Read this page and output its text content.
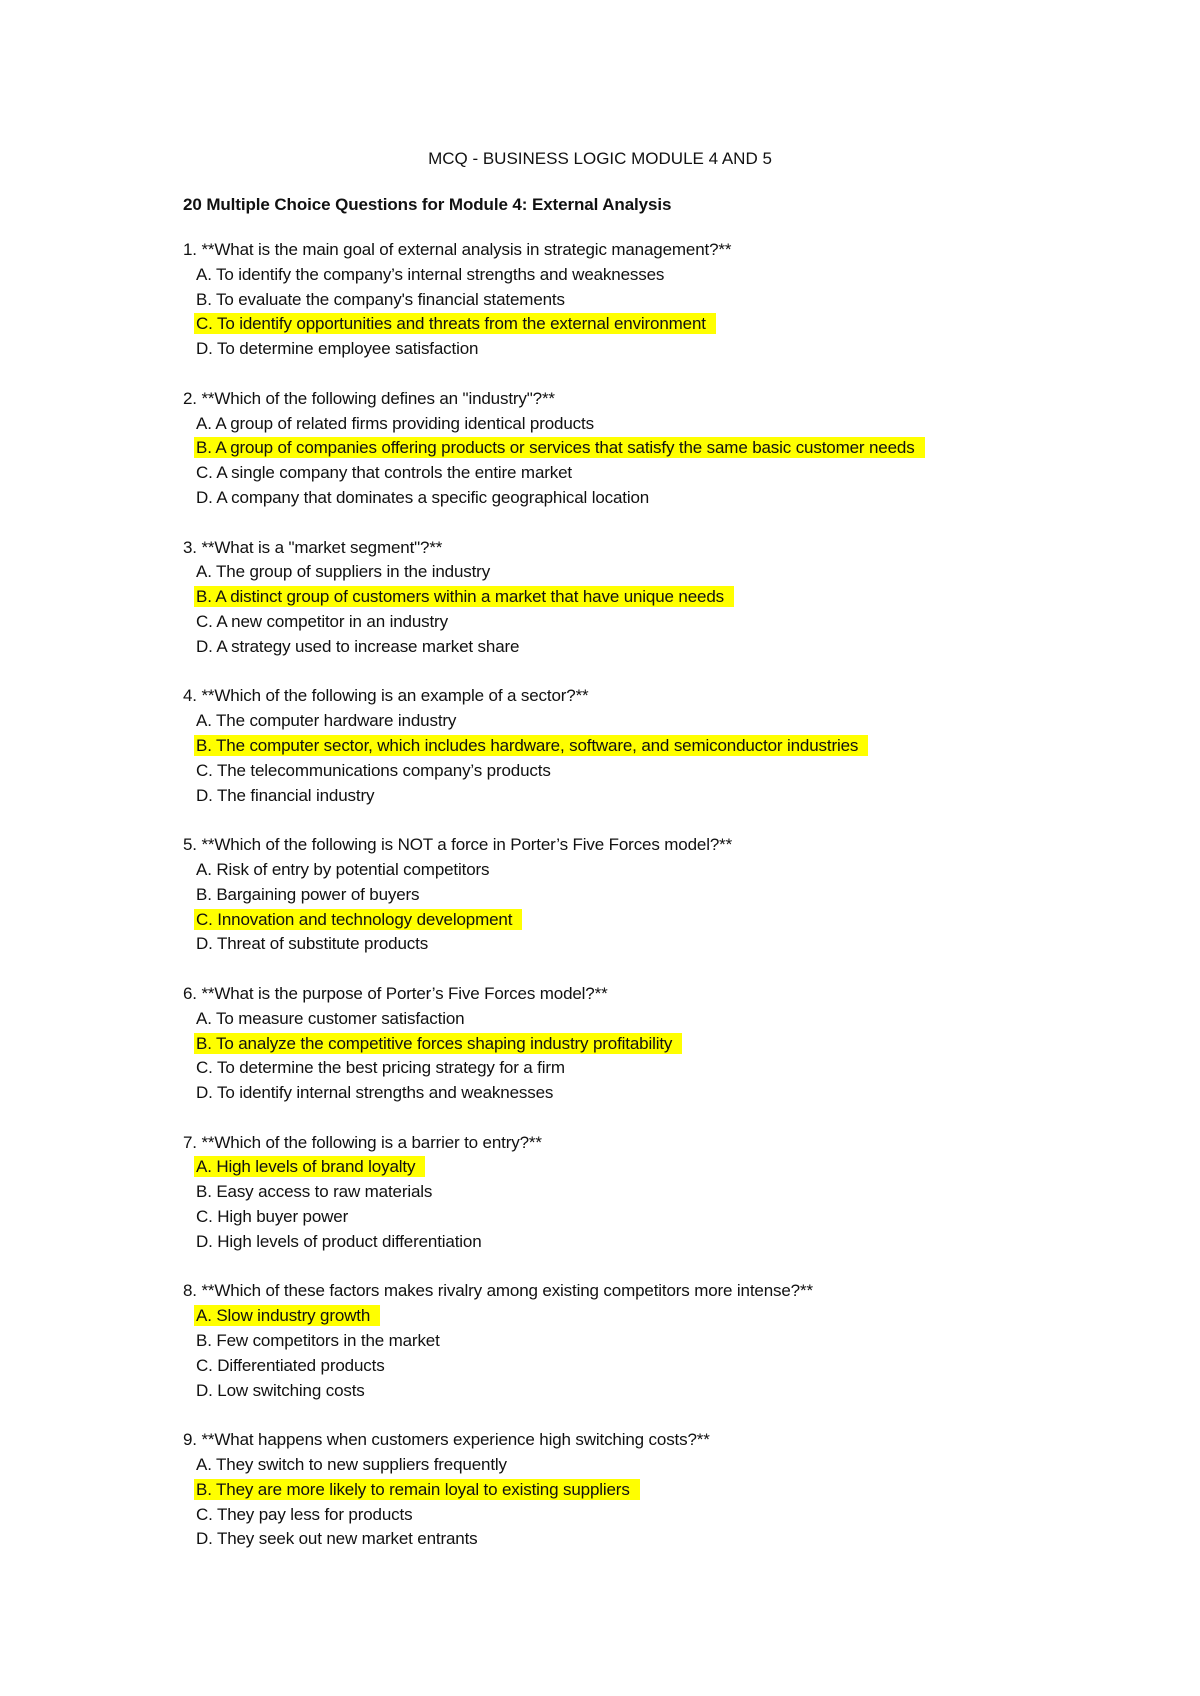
MCQ - BUSINESS LOGIC MODULE 4 AND 5
20 Multiple Choice Questions for Module 4: External Analysis
1. **What is the main goal of external analysis in strategic management?**
A. To identify the company’s internal strengths and weaknesses
B. To evaluate the company's financial statements
C. To identify opportunities and threats from the external environment
D. To determine employee satisfaction
2. **Which of the following defines an "industry"?**
A. A group of related firms providing identical products
B. A group of companies offering products or services that satisfy the same basic customer needs
C. A single company that controls the entire market
D. A company that dominates a specific geographical location
3. **What is a "market segment"?**
A. The group of suppliers in the industry
B. A distinct group of customers within a market that have unique needs
C. A new competitor in an industry
D. A strategy used to increase market share
4. **Which of the following is an example of a sector?**
A. The computer hardware industry
B. The computer sector, which includes hardware, software, and semiconductor industries
C. The telecommunications company’s products
D. The financial industry
5. **Which of the following is NOT a force in Porter’s Five Forces model?**
A. Risk of entry by potential competitors
B. Bargaining power of buyers
C. Innovation and technology development
D. Threat of substitute products
6. **What is the purpose of Porter’s Five Forces model?**
A. To measure customer satisfaction
B. To analyze the competitive forces shaping industry profitability
C. To determine the best pricing strategy for a firm
D. To identify internal strengths and weaknesses
7. **Which of the following is a barrier to entry?**
A. High levels of brand loyalty
B. Easy access to raw materials
C. High buyer power
D. High levels of product differentiation
8. **Which of these factors makes rivalry among existing competitors more intense?**
A. Slow industry growth
B. Few competitors in the market
C. Differentiated products
D. Low switching costs
9. **What happens when customers experience high switching costs?**
A. They switch to new suppliers frequently
B. They are more likely to remain loyal to existing suppliers
C. They pay less for products
D. They seek out new market entrants
